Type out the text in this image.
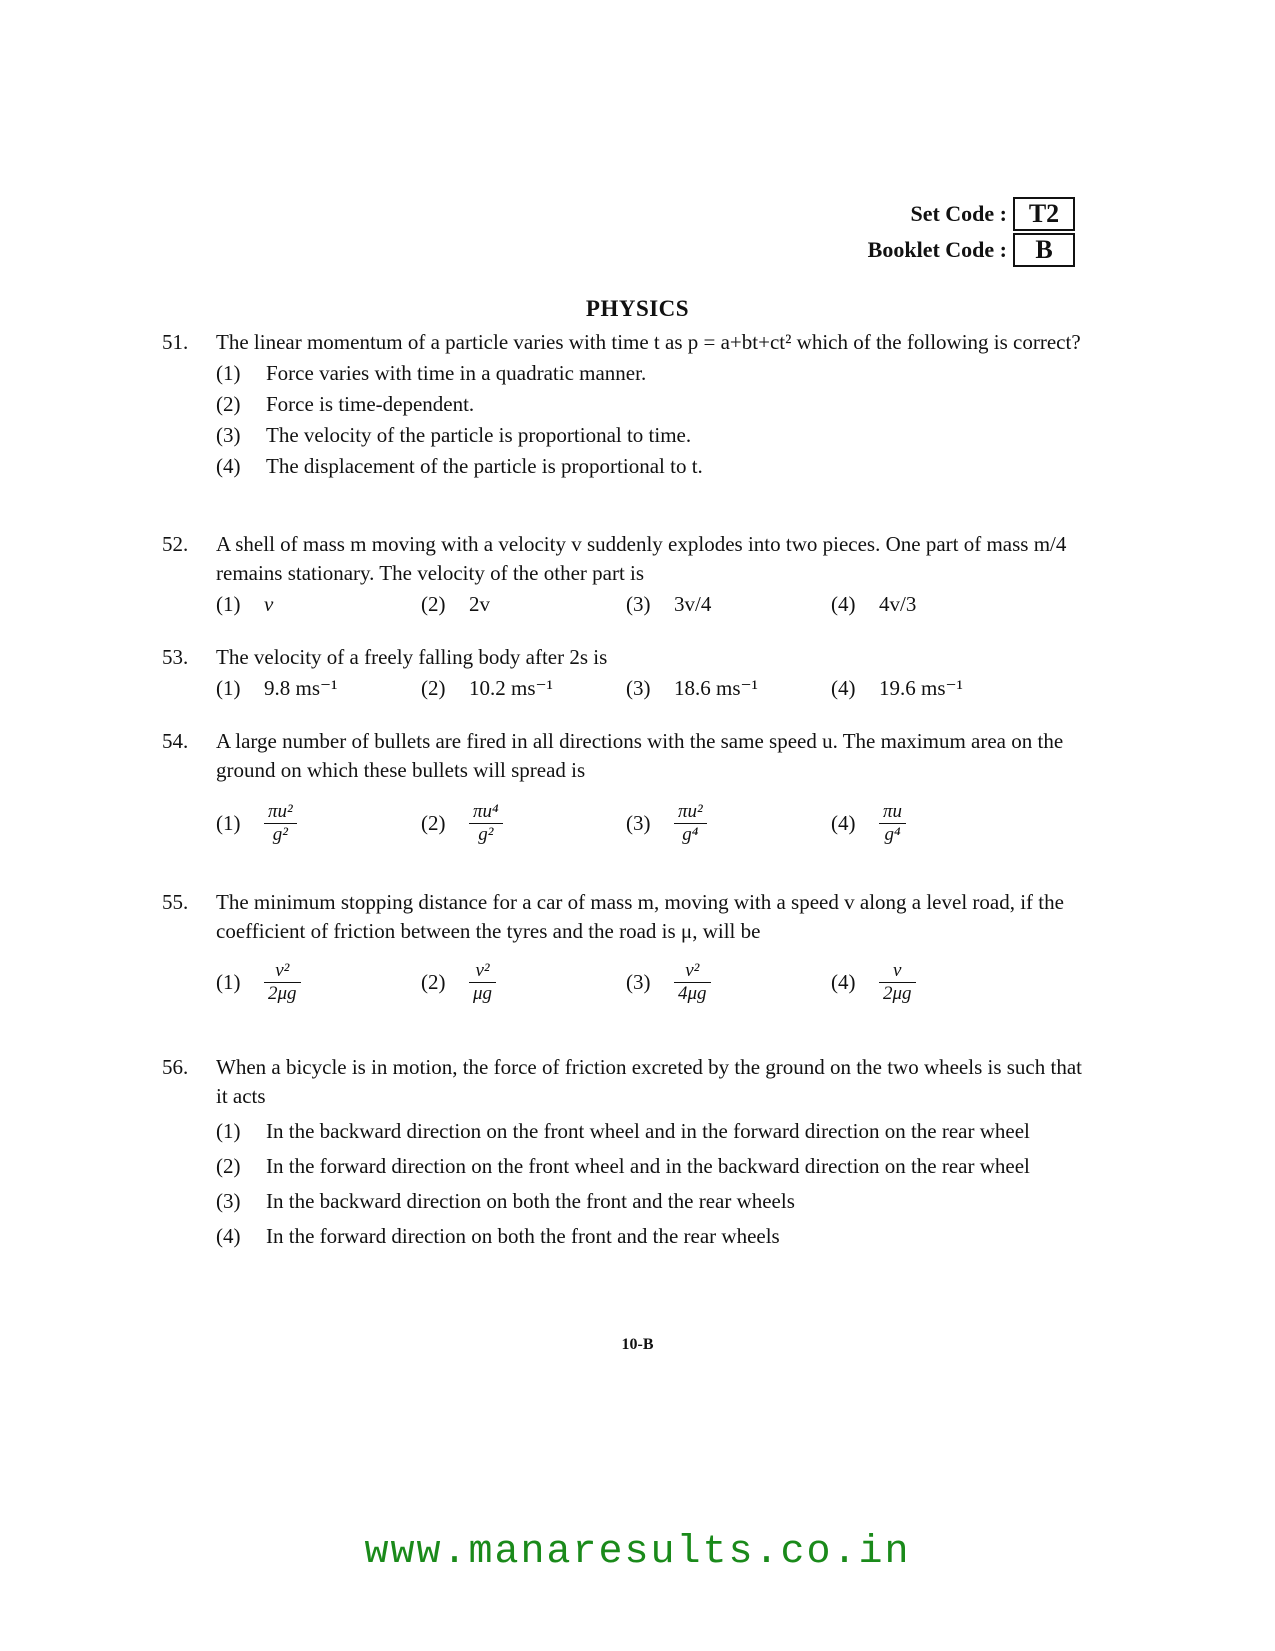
Set Code : T2
Booklet Code :	B
PHYSICS
51. The linear momentum of a particle varies with time t as p = a+bt+ct² which of the following is correct?
(1)	Force varies with time in a quadratic manner.
(2)	Force is time-dependent.
(3)	The velocity of the particle is proportional to time.
(4)	The displacement of the particle is proportional to t.
52. A shell of mass m moving with a velocity v suddenly explodes into two pieces. One part of mass m/4 remains stationary. The velocity of the other part is
(1)	v	(2)	2v	(3)	3v/4	(4)	4v/3
53. The velocity of a freely falling body after 2s is
(1)	9.8 ms⁻¹	(2)	10.2 ms⁻¹	(3)	18.6 ms⁻¹	(4)	19.6 ms⁻¹
54. A large number of bullets are fired in all directions with the same speed u. The maximum area on the ground on which these bullets will spread is
(1)	$\frac{\text{πu²}}{\text{g²}}$	(2)	$\frac{\text{πu⁴}}{\text{g²}}$	(3)	$\frac{\text{πu²}}{\text{g⁴}}$	(4)	$\frac{\pi u}{\text{g⁴}}$
55. The minimum stopping distance for a car of mass m, moving with a speed v along a level road, if the coefficient of friction between the tyres and the road is μ, will be
(1)	$\frac{\text{v²}}{2\mu g}$	(2)	$\frac{\text{v²}}{\mu g}$	(3)	$\frac{\text{v²}}{4\mu g}$	(4)	$\frac{v}{2\mu g}$
56. When a bicycle is in motion, the force of friction excreted by the ground on the two wheels is such that it acts
(1)	In the backward direction on the front wheel and in the forward direction on the rear wheel
(2)	In the forward direction on the front wheel and in the backward direction on the rear wheel
(3)	In the backward direction on both the front and the rear wheels
(4)	In the forward direction on both the front and the rear wheels
10-B
www.manaresults.co.in
